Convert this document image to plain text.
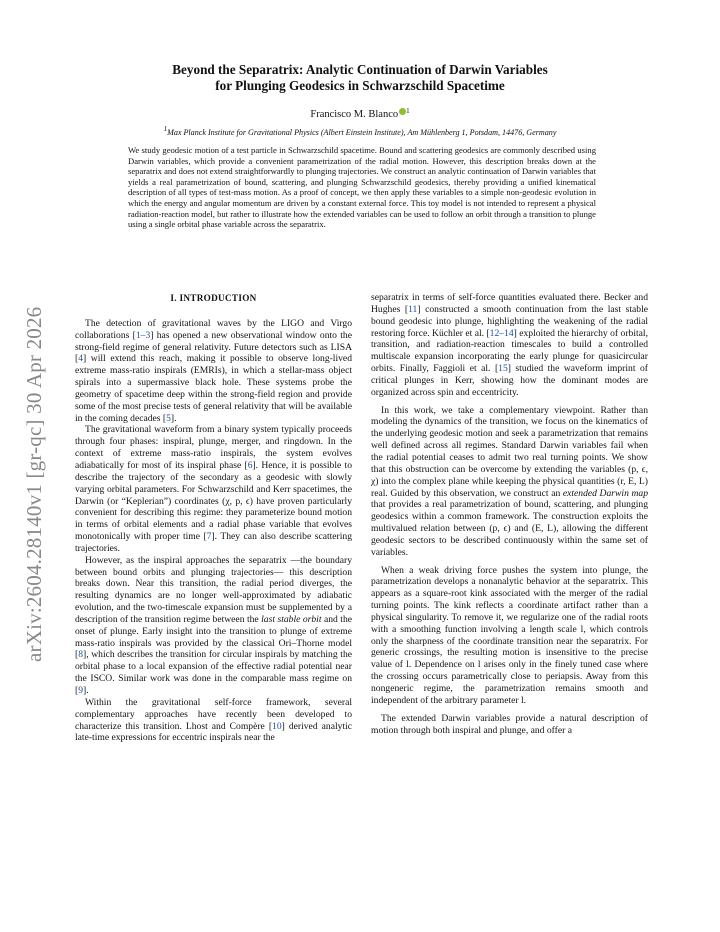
arXiv:2604.28140v1 [gr-qc] 30 Apr 2026
Beyond the Separatrix: Analytic Continuation of Darwin Variables
for Plunging Geodesics in Schwarzschild Spacetime
Francisco M. Blanco $^1$
1Max Planck Institute for Gravitational Physics (Albert Einstein Institute), Am Mühlenberg 1, Potsdam, 14476, Germany
We study geodesic motion of a test particle in Schwarzschild spacetime. Bound and scattering geodesics are commonly described using Darwin variables, which provide a convenient parametrization of the radial motion. However, this description breaks down at the separatrix and does not extend straightforwardly to plunging trajectories. We construct an analytic continuation of Darwin variables that yields a real parametrization of bound, scattering, and plunging Schwarzschild geodesics, thereby providing a unified kinematical description of all types of test-mass motion. As a proof of concept, we then apply these variables to a simple non-geodesic evolution in which the energy and angular momentum are driven by a constant external force. This toy model is not intended to represent a physical radiation-reaction model, but rather to illustrate how the extended variables can be used to follow an orbit through a transition to plunge using a single orbital phase variable across the separatrix.
I. INTRODUCTION

The detection of gravitational waves by the LIGO and Virgo collaborations [1–3] has opened a new observational window onto the strong-field regime of general relativity. Future detectors such as LISA [4] will extend this reach, making it possible to observe long-lived extreme mass-ratio inspirals (EMRIs), in which a stellar-mass object spirals into a supermassive black hole. These systems probe the geometry of spacetime deep within the strong-field region and provide some of the most precise tests of general relativity that will be available in the coming decades [5].

The gravitational waveform from a binary system typically proceeds through four phases: inspiral, plunge, merger, and ringdown. In the context of extreme mass-ratio inspirals, the system evolves adiabatically for most of its inspiral phase [6]. Hence, it is possible to describe the trajectory of the secondary as a geodesic with slowly varying orbital parameters. For Schwarzschild and Kerr spacetimes, the Darwin (or “Keplerian”) coordinates (χ, p, ϵ) have proven particularly convenient for describing this regime: they parameterize bound motion in terms of orbital elements and a radial phase variable that evolves monotonically with proper time [7]. They can also describe scattering trajectories.

However, as the inspiral approaches the separatrix —the boundary between bound orbits and plunging trajectories— this description breaks down. Near this transition, the radial period diverges, the resulting dynamics are no longer well-approximated by adiabatic evolution, and the two-timescale expansion must be supplemented by a description of the transition regime between the last stable orbit and the onset of plunge. Early insight into the transition to plunge of extreme mass-ratio inspirals was provided by the classical Ori–Thorne model [8], which describes the transition for circular inspirals by matching the orbital phase to a local expansion of the effective radial potential near the ISCO. Similar work was done in the comparable mass regime on [9].

Within the gravitational self-force framework, several complementary approaches have recently been developed to characterize this transition. Lhost and Compère [10] derived analytic late-time expressions for eccentric inspirals near the

separatrix in terms of self-force quantities evaluated there. Becker and Hughes [11] constructed a smooth continuation from the last stable bound geodesic into plunge, highlighting the weakening of the radial restoring force. Küchler et al. [12–14] exploited the hierarchy of orbital, transition, and radiation-reaction timescales to build a controlled multiscale expansion incorporating the early plunge for quasicircular orbits. Finally, Faggioli et al. [15] studied the waveform imprint of critical plunges in Kerr, showing how the dominant modes are organized across spin and eccentricity.

In this work, we take a complementary viewpoint. Rather than modeling the dynamics of the transition, we focus on the kinematics of the underlying geodesic motion and seek a parametrization that remains well defined across all regimes. Standard Darwin variables fail when the radial potential ceases to admit two real turning points. We show that this obstruction can be overcome by extending the variables (p, ϵ, χ) into the complex plane while keeping the physical quantities (r, E, L) real. Guided by this observation, we construct an extended Darwin map that provides a real parametrization of bound, scattering, and plunging geodesics within a common framework. The construction exploits the multivalued relation between (p, ϵ) and (E, L), allowing the different geodesic sectors to be described continuously within the same set of variables.

When a weak driving force pushes the system into plunge, the parametrization develops a nonanalytic behavior at the separatrix. This appears as a square-root kink associated with the merger of the radial turning points. The kink reflects a coordinate artifact rather than a physical singularity. To remove it, we regularize one of the radial roots with a smoothing function involving a length scale l, which controls only the sharpness of the coordinate transition near the separatrix. For generic crossings, the resulting motion is insensitive to the precise value of l. Dependence on l arises only in the finely tuned case where the crossing occurs parametrically close to periapsis. Away from this nongeneric regime, the parametrization remains smooth and independent of the arbitrary parameter l.

The extended Darwin variables provide a natural description of motion through both inspiral and plunge, and offer a
